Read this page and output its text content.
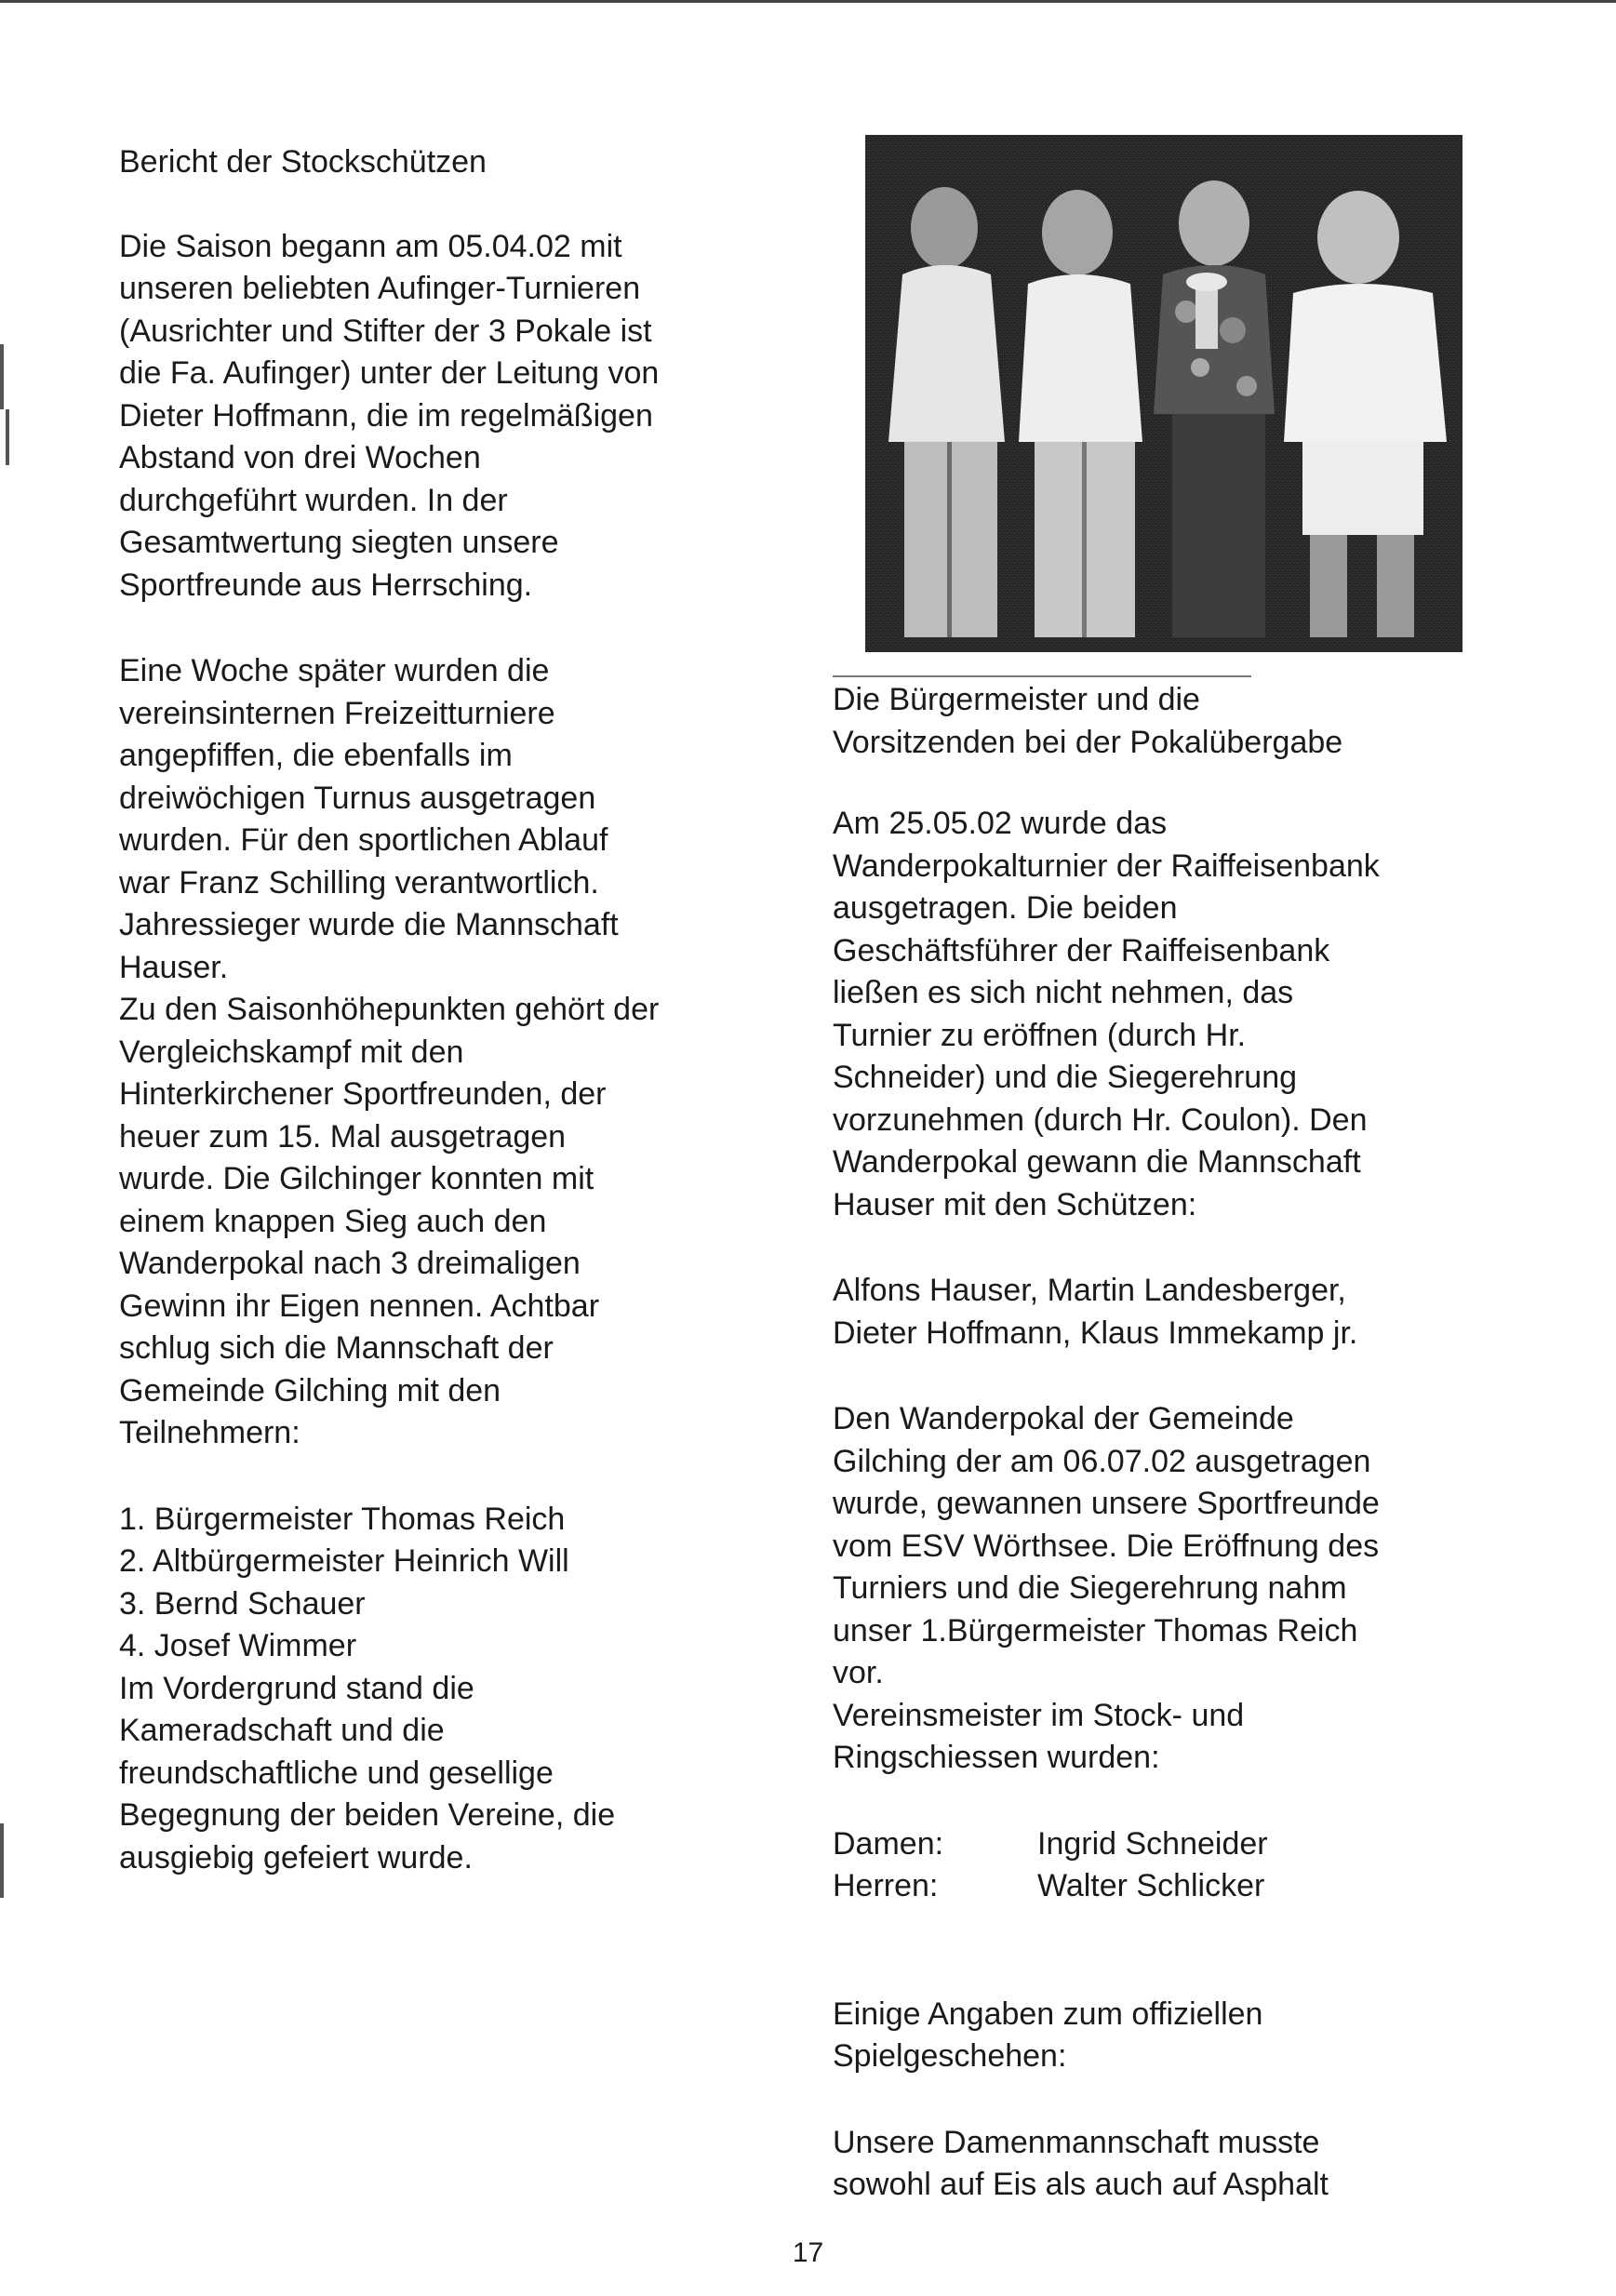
Bericht der Stockschützen

Die Saison begann am 05.04.02 mit

unseren beliebten Aufinger-Turnieren

(Ausrichter und Stifter der 3 Pokale ist

die Fa. Aufinger) unter der Leitung von

Dieter Hoffmann, die im regelmäßigen

Abstand von drei Wochen

durchgeführt wurden. In der

Gesamtwertung siegten unsere

Sportfreunde aus Herrsching.

Eine Woche später wurden die

vereinsinternen Freizeitturniere

angepfiffen, die ebenfalls im

dreiwöchigen Turnus ausgetragen

wurden. Für den sportlichen Ablauf

war Franz Schilling verantwortlich.

Jahressieger wurde die Mannschaft

Hauser.

Zu den Saisonhöhepunkten gehört der

Vergleichskampf mit den

Hinterkirchener Sportfreunden, der

heuer zum 15. Mal ausgetragen

wurde. Die Gilchinger konnten mit

einem knappen Sieg auch den

Wanderpokal nach 3 dreimaligen

Gewinn ihr Eigen nennen. Achtbar

schlug sich die Mannschaft der

Gemeinde Gilching mit den

Teilnehmern:

1. Bürgermeister Thomas Reich

2. Altbürgermeister Heinrich Will

3. Bernd Schauer

4. Josef Wimmer

Im Vordergrund stand die

Kameradschaft und die

freundschaftliche und gesellige

Begegnung der beiden Vereine, die

ausgiebig gefeiert wurde.

Die Bürgermeister und die

Vorsitzenden bei der Pokalübergabe

Am 25.05.02 wurde das

Wanderpokalturnier der Raiffeisenbank

ausgetragen. Die beiden

Geschäftsführer der Raiffeisenbank

ließen es sich nicht nehmen, das

Turnier zu eröffnen (durch Hr.

Schneider) und die Siegerehrung

vorzunehmen (durch Hr. Coulon). Den

Wanderpokal gewann die Mannschaft

Hauser mit den Schützen:

Alfons Hauser, Martin Landesberger,

Dieter Hoffmann, Klaus Immekamp jr.

Den Wanderpokal der Gemeinde

Gilching der am 06.07.02 ausgetragen

wurde, gewannen unsere Sportfreunde

vom ESV Wörthsee. Die Eröffnung des

Turniers und die Siegerehrung nahm

unser 1.Bürgermeister Thomas Reich

vor.

Vereinsmeister im Stock- und

Ringschiessen wurden:

Damen:	Ingrid Schneider
Herren:	Walter Schlicker

Einige Angaben zum offiziellen

Spielgeschehen:

Unsere Damenmannschaft musste

sowohl auf Eis als auch auf Asphalt

17
